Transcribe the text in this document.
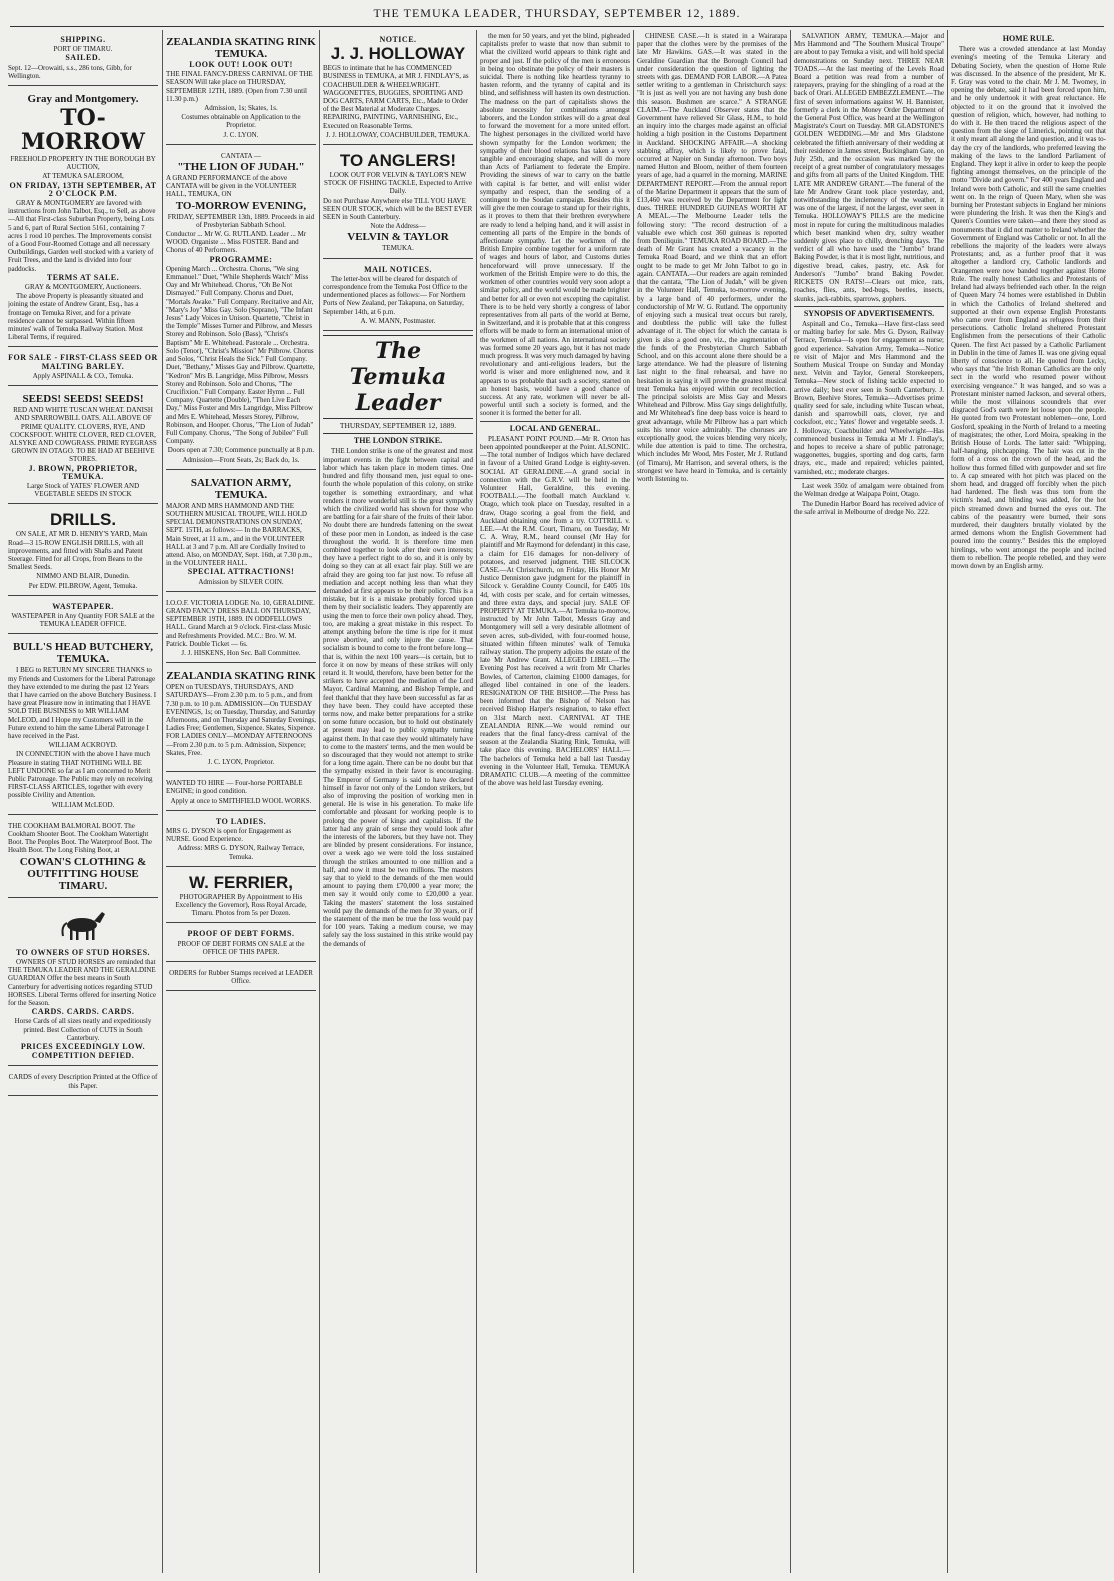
THE TEMUKA LEADER, THURSDAY, SEPTEMBER 12, 1889.

SHIPPING.

PORT OF TIMARU.

SAILED.

Sept. 12—Orowaiti, s.s., 286 tons, Gibb, for Wellington.

Gray and Montgomery.

TO-MORROW

FREEHOLD PROPERTY IN THE BOROUGH BY AUCTION,

AT TEMUKA SALEROOM,

ON FRIDAY, 13TH SEPTEMBER, AT 2 O'CLOCK P.M.

GRAY & MONTGOMERY are favored with instructions from John Talbot, Esq., to Sell, as above—All that First-class Suburban Property, being Lots 5 and 6, part of Rural Section 5161, containing 7 acres 1 rood 10 perches. The Improvements consist of a Good Four-Roomed Cottage and all necessary Outbuildings, Garden well stocked with a variety of Fruit Trees, and the land is divided into four paddocks.

TERMS AT SALE.

GRAY & MONTGOMERY, Auctioneers.

The above Property is pleasantly situated and joining the estate of Andrew Grant, Esq., has a frontage on Temuka River, and for a private residence cannot be surpassed. Within fifteen minutes' walk of Temuka Railway Station. Most Liberal Terms, if required.

FOR SALE - FIRST-CLASS SEED OR MALTING BARLEY.

Apply ASPINALL & CO., Temuka.

SEEDS! SEEDS! SEEDS!

RED AND WHITE TUSCAN WHEAT. DANISH AND SPARROWBILL OATS. ALL ABOVE OF PRIME QUALITY. CLOVERS, RYE, AND COCKSFOOT. WHITE CLOVER, RED CLOVER, ALSYKE AND COWGRASS. PRIME RYEGRASS GROWN IN OTAGO. TO BE HAD AT BEEHIVE STORES.

J. BROWN, PROPRIETOR, TEMUKA.

Large Stock of YATES' FLOWER AND VEGETABLE SEEDS IN STOCK

DRILLS.

ON SALE, AT MR D. HENRY'S YARD, Main Road—3 15-ROW ENGLISH DRILLS, with all improvements, and fitted with Shafts and Patent Steerage. Fitted for all Crops, from Beans to the Smallest Seeds.

NIMMO AND BLAIR, Dunedin.

Per EDW. PILBROW, Agent, Temuka.

WASTEPAPER.

WASTEPAPER in Any Quantity FOR SALE at the TEMUKA LEADER OFFICE.

BULL'S HEAD BUTCHERY, TEMUKA.

I BEG to RETURN MY SINCERE THANKS to my Friends and Customers for the Liberal Patronage they have extended to me during the past 12 Years that I have carried on the above Butchery Business. I have great Pleasure now in intimating that I HAVE SOLD THE BUSINESS to MR WILLIAM McLEOD, and I Hope my Customers will in the Future extend to him the same Liberal Patronage I have received in the Past.

WILLIAM ACKROYD.

IN CONNECTION with the above I have much Pleasure in stating THAT NOTHING WILL BE LEFT UNDONE so far as I am concerned to Merit Public Patronage. The Public may rely on receiving FIRST-CLASS ARTICLES, together with every possible Civility and Attention.

WILLIAM McLEOD.

THE COOKHAM BALMORAL BOOT. The Cookham Shooter Boot. The Cookham Watertight Boot. The Peoples Boot. The Waterproof Boot. The Health Boot. The Long Fishing Boot, at

COWAN'S CLOTHING & OUTFITTING HOUSE TIMARU.

TO OWNERS OF STUD HORSES.

OWNERS OF STUD HORSES are reminded that THE TEMUKA LEADER AND THE GERALDINE GUARDIAN Offer the best means in South Canterbury for advertising notices regarding STUD HORSES. Liberal Terms offered for inserting Notice for the Season.

CARDS. CARDS. CARDS.

Horse Cards of all sizes neatly and expeditiously printed. Best Collection of CUTS in South Canterbury.

PRICES EXCEEDINGLY LOW.

COMPETITION DEFIED.

CARDS of every Description Printed at the Office of this Paper.

ZEALANDIA SKATING RINK TEMUKA.

LOOK OUT! LOOK OUT!

THE FINAL FANCY-DRESS CARNIVAL OF THE SEASON Will take place on THURSDAY, SEPTEMBER 12TH, 1889. (Open from 7.30 until 11.30 p.m.)

Admission, 1s; Skates, 1s.

Costumes obtainable on Application to the Proprietor.

J. C. LYON.

CANTATA —

"THE LION OF JUDAH."

A GRAND PERFORMANCE of the above CANTATA will be given in the VOLUNTEER HALL, TEMUKA, ON

TO-MORROW EVENING,

FRIDAY, SEPTEMBER 13th, 1889. Proceeds in aid of Presbyterian Sabbath School.

Conductor ... Mr W. G. RUTLAND. Leader ... Mr WOOD. Organiste ... Miss FOSTER. Band and Chorus of 40 Performers.

PROGRAMME:

Opening March ... Orchestra. Chorus, "We sing Emmanuel." Duet, "While Shepherds Watch" Miss Oay and Mr Whitehead. Chorus, "Oh Be Not Dismayed." Full Company. Chorus and Duet, "Mortals Awake." Full Company. Recitative and Air, "Mary's Joy" Miss Gay. Solo (Soprano), "The Infant Jesus" Lady Voices in Unison. Quartette, "Christ in the Temple" Misses Turner and Pilbrow, and Messrs Storey and Robinson. Solo (Bass), "Christ's Baptism" Mr E. Whitehead. Pastorale ... Orchestra. Solo (Tenor), "Christ's Mission" Mr Pilbrow. Chorus and Solos, "Christ Heals the Sick." Full Company. Duet, "Bethany," Misses Gay and Pilbrow. Quartette, "Kedron" Mrs B. Langridge, Miss Pilbrow, Messrs Storey and Robinson. Solo and Chorus, "The Crucifixion." Full Company. Easter Hymn ... Full Company. Quartette (Double), "Then Live Each Day," Miss Foster and Mrs Langridge, Miss Pilbrow and Mrs E. Whitehead, Messrs Storey, Pilbrow, Robinson, and Hooper. Chorus, "The Lion of Judah" Full Company. Chorus, "The Song of Jubilee" Full Company.

Doors open at 7.30; Commence punctually at 8 p.m.

Admission—Front Seats, 2s; Back do, 1s.

SALVATION ARMY, TEMUKA.

MAJOR AND MRS HAMMOND AND THE SOUTHERN MUSICAL TROUPE, WILL HOLD SPECIAL DEMONSTRATIONS ON SUNDAY, SEPT. 15TH, as follows:— In the BARRACKS, Main Street, at 11 a.m., and in the VOLUNTEER HALL at 3 and 7 p.m. All are Cordially Invited to attend. Also, on MONDAY, Sept. 16th, at 7.30 p.m., in the VOLUNTEER HALL.

SPECIAL ATTRACTIONS!

Admission by SILVER COIN.

I.O.O.F. VICTORIA LODGE No. 10, GERALDINE. GRAND FANCY DRESS BALL ON THURSDAY, SEPTEMBER 19TH, 1889. IN ODDFELLOWS HALL. Grand March at 9 o'clock. First-class Music and Refreshments Provided. M.C.: Bro. W. M. Patrick. Double Ticket — 6s.

J. J. HISKENS, Hon Sec. Ball Committee.

ZEALANDIA SKATING RINK

OPEN on TUESDAYS, THURSDAYS, AND SATURDAYS—From 2.30 p.m. to 5 p.m., and from 7.30 p.m. to 10 p.m. ADMISSION—On TUESDAY EVENINGS, 1s; on Tuesday, Thursday, and Saturday Afternoons, and on Thursday and Saturday Evenings, Ladies Free; Gentlemen, Sixpence. Skates, Sixpence. FOR LADIES ONLY—MONDAY AFTERNOONS—From 2.30 p.m. to 5 p.m. Admission, Sixpence; Skates, Free.

J. C. LYON, Proprietor.

WANTED TO HIRE — Four-horse PORTABLE ENGINE; in good condition.

Apply at once to SMITHFIELD WOOL WORKS.

TO LADIES.

MRS G. DYSON is open for Engagement as NURSE. Good Experience.

Address: MRS G. DYSON, Railway Terrace, Temuka.

W. FERRIER,

PHOTOGRAPHER By Appointment to His Excellency the Governor), Ross Royal Arcade, Timaru. Photos from 5s per Dozen.

PROOF OF DEBT FORMS.

PROOF OF DEBT FORMS ON SALE at the OFFICE OF THIS PAPER.

ORDERS for Rubber Stamps received at LEADER Office.

NOTICE.

J. J. HOLLOWAY

BEGS to intimate that he has COMMENCED BUSINESS in TEMUKA, at MR J. FINDLAY'S, as COACHBUILDER & WHEELWRIGHT. WAGGONETTES, BUGGIES, SPORTING AND DOG CARTS, FARM CARTS, Etc., Made to Order of the Best Material at Moderate Charges. REPAIRING, PAINTING, VARNISHING, Etc., Executed on Reasonable Terms.

J. J. HOLLOWAY, COACHBUILDER, TEMUKA.

TO ANGLERS!

LOOK OUT FOR VELVIN & TAYLOR'S NEW STOCK OF FISHING TACKLE, Expected to Arrive Daily.

Do not Purchase Anywhere else TILL YOU HAVE SEEN OUR STOCK, which will be the BEST EVER SEEN in South Canterbury.

Note the Address—

VELVIN & TAYLOR

TEMUKA.

MAIL NOTICES.

The letter-box will be cleared for despatch of correspondence from the Temuka Post Office to the undermentioned places as follows:— For Northern Ports of New Zealand, per Takapuna, on Saturday, September 14th, at 6 p.m.

A. W. MANN, Postmaster.

The Temuka Leader
THURSDAY, SEPTEMBER 12, 1889.
THE LONDON STRIKE.

THE London strike is one of the greatest and most important events in the fight between capital and labor which has taken place in modern times. One hundred and fifty thousand men, just equal to one-fourth the whole population of this colony, on strike together is something extraordinary, and what renders it more wonderful still is the great sympathy which the civilized world has shown for those who are battling for a fair share of the fruits of their labor. No doubt there are hundreds fattening on the sweat of these poor men in London, as indeed is the case throughout the world. It is therefore time men combined together to look after their own interests; they have a perfect right to do so, and it is only by doing so they can at all exact fair play. Still we are afraid they are going too far just now. To refuse all mediation and accept nothing less than what they demanded at first appears to be their policy. This is a mistake, but it is a mistake probably forced upon them by their socialistic leaders. They apparently are using the men to force their own policy ahead. They, too, are making a great mistake in this respect. To attempt anything before the time is ripe for it must prove abortive, and only injure the cause. That socialism is bound to come to the front before long—that is, within the next 100 years—is certain, but to force it on now by means of these strikes will only retard it. It would, therefore, have been better for the strikers to have accepted the mediation of the Lord Mayor, Cardinal Manning, and Bishop Temple, and feel thankful that they have been successful as far as they have been. They could have accepted these terms now, and make better preparations for a strike on some future occasion, but to hold out obstinately at present may lead to public sympathy turning against them. In that case they would ultimately have to come to the masters' terms, and the men would be so discouraged that they would not attempt to strike for a long time again. There can be no doubt but that the sympathy existed in their favor is encouraging. The Emperor of Germany is said to have declared himself in favor not only of the London strikers, but also of improving the position of working men in general. He is wise in his generation. To make life comfortable and pleasant for working people is to prolong the power of kings and capitalists. If the latter had any grain of sense they would look after the interests of the laborers, but they have not. They are blinded by present considerations. For instance, over a week ago we were told the loss sustained through the strikes amounted to one million and a half, and now it must be two millions. The masters say that to yield to the demands of the men would amount to paying them £70,000 a year more; the men say it would only come to £20,000 a year. Taking the masters' statement the loss sustained would pay the demands of the men for 30 years, or if the statement of the men be true the loss would pay for 100 years. Taking a medium course, we may safely say the loss sustained in this strike would pay the demands of

the men for 50 years, and yet the blind, pigheaded capitalists prefer to waste that now than submit to what the civilized world appears to think right and proper and just. If the policy of the men is erroneous in being too obstinate the policy of their masters is suicidal. There is nothing like heartless tyranny to hasten reform, and the tyranny of capital and its blind, and selfishness will hasten its own destruction. The madness on the part of capitalists shows the absolute necessity for combinations amongst laborers, and the London strikes will do a great deal to forward the movement for a more united effort. The highest personages in the civilized world have shown sympathy for the London workmen; the sympathy of their blood relations has taken a very tangible and encouraging shape, and will do more than Acts of Parliament to federate the Empire. Providing the sinews of war to carry on the battle with capital is far better, and will enlist wider sympathy and respect, than the sending of a contingent to the Soudan campaign. Besides this it will give the men courage to stand up for their rights, as it proves to them that their brethren everywhere are ready to lend a helping hand, and it will assist in cementing all parts of the Empire in the bonds of affectionate sympathy. Let the workmen of the British Empire combine together for a uniform rate of wages and hours of labor, and Customs duties henceforward will prove unnecessary. If the workmen of the British Empire were to do this, the workmen of other countries would very soon adopt a similar policy, and the world would be made brighter and better for all or even not excepting the capitalist. There is to be held very shortly a congress of labor representatives from all parts of the world at Berne, in Switzerland, and it is probable that at this congress efforts will be made to form an international union of the workmen of all nations. An international society was formed some 20 years ago, but it has not made much progress. It was very much damaged by having revolutionary and anti-religious leaders, but the world is wiser and more enlightened now, and it appears to us probable that such a society, started on an honest basis, would have a good chance of success. At any rate, workmen will never be all-powerful until such a society is formed, and the sooner it is formed the better for all.

LOCAL AND GENERAL.

PLEASANT POINT POUND.—Mr R. Orton has been appointed poundkeeper at the Point. ALSONIC.—The total number of Indigos which have declared in favour of a United Grand Lodge is eighty-seven. SOCIAL AT GERALDINE.—A grand social in connection with the G.R.V. will be held in the Volunteer Hall, Geraldine, this evening. FOOTBALL.—The football match Auckland v. Otago, which took place on Tuesday, resulted in a draw, Otago scoring a goal from the field, and Auckland obtaining one from a try. COTTRILL v. LEE.—At the R.M. Court, Timaru, on Tuesday, Mr C. A. Wray, R.M., heard counsel (Mr Hay for plaintiff and Mr Raymond for defendant) in this case, a claim for £16 damages for non-delivery of potatoes, and reserved judgment. THE SILCOCK CASE.—At Christchurch, on Friday, His Honor Mr Justice Denniston gave judgment for the plaintiff in Silcock v. Geraldine County Council, for £405 10s 4d, with costs per scale, and for certain witnesses, and three extra days, and special jury. SALE OF PROPERTY AT TEMUKA.—At Temuka to-morrow, instructed by Mr John Talbot, Messrs Gray and Montgomery will sell a very desirable allotment of seven acres, sub-divided, with four-roomed house, situated within fifteen minutes' walk of Temuka railway station. The property adjoins the estate of the late Mr Andrew Grant. ALLEGED LIBEL.—The Evening Post has received a writ from Mr Charles Bowles, of Carterton, claiming £1000 damages, for alleged libel contained in one of the leaders. RESIGNATION OF THE BISHOP.—The Press has been informed that the Bishop of Nelson has received Bishop Harper's resignation, to take effect on 31st March next. CARNIVAL AT THE ZEALANDIA RINK.—We would remind our readers that the final fancy-dress carnival of the season at the Zealandia Skating Rink, Temuka, will take place this evening. BACHELORS' HALL.—The bachelors of Temuka held a ball last Tuesday evening in the Volunteer Hall, Temuka. TEMUKA DRAMATIC CLUB.—A meeting of the committee of the above was held last Tuesday evening.

CHINESE CASE.—It is stated in a Wairarapa paper that the clothes were by the premises of the late Mr Hawkins. GAS.—It was stated in the Geraldine Guardian that the Borough Council had under consideration the question of lighting the streets with gas. DEMAND FOR LABOR.—A Patea settler writing to a gentleman in Christchurch says: "It is just as well you are not having any bush done this season. Bushmen are scarce." A STRANGE CLAIM.—The Auckland Observer states that the Government have relieved Sir Glass, H.M., to hold an inquiry into the charges made against an official holding a high position in the Customs Department in Auckland. SHOCKING AFFAIR.—A shocking stabbing affray, which is likely to prove fatal, occurred at Napier on Sunday afternoon. Two boys named Hutton and Bloom, neither of them fourteen years of age, had a quarrel in the morning. MARINE DEPARTMENT REPORT.—From the annual report of the Marine Department it appears that the sum of £13,460 was received by the Department for light dues. THREE HUNDRED GUINEAS WORTH AT A MEAL.—The Melbourne Leader tells the following story: "The record destruction of a valuable ewe which cost 360 guineas is reported from Deniliquin." TEMUKA ROAD BOARD.—The death of Mr Grant has created a vacancy in the Temuka Road Board, and we think that an effort ought to be made to get Mr John Talbot to go in again. CANTATA.—Our readers are again reminded that the cantata, "The Lion of Judah," will be given in the Volunteer Hall, Temuka, to-morrow evening, by a large band of 40 performers, under the conductorship of Mr W. G. Rutland. The opportunity of enjoying such a musical treat occurs but rarely, and doubtless the public will take the fullest advantage of it. The object for which the cantata is given is also a good one, viz., the augmentation of the funds of the Presbyterian Church Sabbath School, and on this account alone there should be a large attendance. We had the pleasure of listening last night to the final rehearsal, and have no hesitation in saying it will prove the greatest musical treat Temuka has enjoyed within our recollection. The principal soloists are Miss Gay and Messrs Whitehead and Pilbrow. Miss Gay sings delightfully, and Mr Whitehead's fine deep bass voice is heard to great advantage, while Mr Pilbrow has a part which suits his tenor voice admirably. The choruses are exceptionally good, the voices blending very nicely, while due attention is paid to time. The orchestra, which includes Mr Wood, Mrs Foster, Mr J. Rutland (of Timaru), Mr Harrison, and several others, is the strongest we have heard in Temuka, and is certainly worth listening to.

SALVATION ARMY, TEMUKA.—Major and Mrs Hammond and "The Southern Musical Troupe" are about to pay Temuka a visit, and will hold special demonstrations on Sunday next. THREE NEAR TOADS.—At the last meeting of the Levels Road Board a petition was read from a number of ratepayers, praying for the shingling of a road at the back of Orari. ALLEGED EMBEZZLEMENT.—The first of seven informations against W. H. Bannister, formerly a clerk in the Money Order Department of the General Post Office, was heard at the Wellington Magistrate's Court on Tuesday. MR GLADSTONE'S GOLDEN WEDDING.—Mr and Mrs Gladstone celebrated the fiftieth anniversary of their wedding at their residence in James street, Buckingham Gate, on July 25th, and the occasion was marked by the receipt of a great number of congratulatory messages and gifts from all parts of the United Kingdom. THE LATE MR ANDREW GRANT.—The funeral of the late Mr Andrew Grant took place yesterday, and, notwithstanding the inclemency of the weather, it was one of the largest, if not the largest, ever seen in Temuka. HOLLOWAY'S PILLS are the medicine most in repute for curing the multitudinous maladies which beset mankind when dry, sultry weather suddenly gives place to chilly, drenching days. The verdict of all who have used the "Jumbo" brand Baking Powder, is that it is most light, nutritious, and digestive bread, cakes, pastry, etc. Ask for Anderson's "Jumbo" brand Baking Powder. RICKETS ON RATS!—Clears out mice, rats, roaches, flies, ants, bed-bugs, beetles, insects, skunks, jack-rabbits, sparrows, gophers.

SYNOPSIS OF ADVERTISEMENTS.

Aspinall and Co., Temuka—Have first-class seed or malting barley for sale. Mrs G. Dyson, Railway Terrace, Temuka—Is open for engagement as nurse; good experience. Salvation Army, Temuka—Notice re visit of Major and Mrs Hammond and the Southern Musical Troupe on Sunday and Monday next. Velvin and Taylor, General Storekeepers, Temuka—New stock of fishing tackle expected to arrive daily; best ever seen in South Canterbury. J. Brown, Beehive Stores, Temuka—Advertises prime quality seed for sale, including white Tuscan wheat, danish and sparrowbill oats, clover, rye and cocksfoot, etc.; Yates' flower and vegetable seeds. J. J. Holloway, Coachbuilder and Wheelwright—Has commenced business in Temuka at Mr J. Findlay's, and hopes to receive a share of public patronage; waggonettes, buggies, sporting and dog carts, farm drays, etc., made and repaired; vehicles painted, varnished, etc.; moderate charges.

Last week 350z of amalgam were obtained from the Welman dredge at Waipapa Point, Otago.

The Dunedin Harbor Board has received advice of the safe arrival in Melbourne of dredge No. 222.

HOME RULE.

There was a crowded attendance at last Monday evening's meeting of the Temuka Literary and Debating Society, when the question of Home Rule was discussed. In the absence of the president, Mr K. F. Gray was voted to the chair. Mr J. M. Twomey, in opening the debate, said it had been forced upon him, and he only undertook it with great reluctance. He objected to it on the ground that it involved the question of religion, which, however, had nothing to do with it. He then traced the religious aspect of the question from the siege of Limerick, pointing out that it only meant all along the land question, and it was to-day the cry of the landlords, who preferred leaving the making of the laws to the landlord Parliament of England. They kept it alive in order to keep the people fighting amongst themselves, on the principle of the motto "Divide and govern." For 400 years England and Ireland were both Catholic, and still the same cruelties went on. In the reign of Queen Mary, when she was burning her Protestant subjects in England her minions were plundering the Irish. It was then the King's and Queen's Counties were taken—and there they stood as monuments that it did not matter to Ireland whether the Government of England was Catholic or not. In all the rebellions the majority of the leaders were always Protestants; and, as a further proof that it was altogether a landlord cry, Catholic landlords and Orangemen were now banded together against Home Rule. The really honest Catholics and Protestants of Ireland had always befriended each other. In the reign of Queen Mary 74 homes were established in Dublin in which the Catholics of Ireland sheltered and supported at their own expense English Protestants who came over from England as refugees from their persecutions. Catholic Ireland sheltered Protestant Englishmen from the persecutions of their Catholic Queen. The first Act passed by a Catholic Parliament in Dublin in the time of James II. was one giving equal liberty of conscience to all. He quoted from Lecky, who says that "the Irish Roman Catholics are the only sect in the world who resumed power without exercising vengeance." It was hanged, and so was a Protestant minister named Jackson, and several others, while the most villainous scoundrels that ever disgraced God's earth were let loose upon the people. He quoted from two Protestant noblemen—one, Lord Gosford, speaking in the North of Ireland to a meeting of magistrates; the other, Lord Moira, speaking in the British House of Lords. The latter said: "Whipping, half-hanging, pitchcapping. The hair was cut in the form of a cross on the crown of the head, and the hollow thus formed filled with gunpowder and set fire to. A cap smeared with hot pitch was placed on the shorn head, and dragged off forcibly when the pitch had hardened. The flesh was thus torn from the victim's head, and blinding was added, for the hot pitch streamed down and burned the eyes out. The cabins of the peasantry were burned, their sons murdered, their daughters brutally violated by the armed demons whom the English Government had poured into the country." Besides this the employed hirelings, who went amongst the people and incited them to rebellion. The people rebelled, and they were mown down by an English army.
